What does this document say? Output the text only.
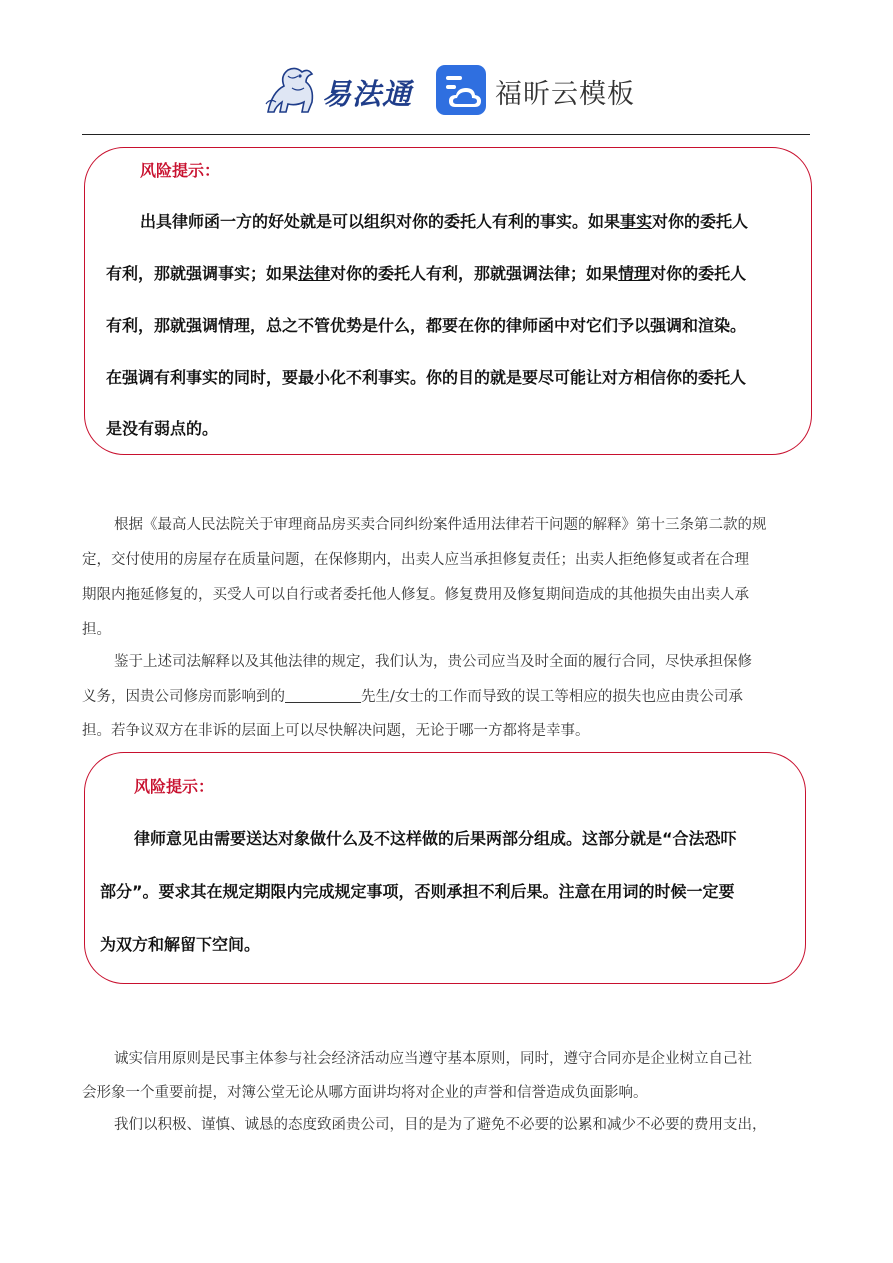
易法通	福昕云模板
风险提示：
出具律师函一方的好处就是可以组织对你的委托人有利的事实。如果事实对你的委托人
有利，那就强调事实；如果法律对你的委托人有利，那就强调法律；如果情理对你的委托人
有利，那就强调情理，总之不管优势是什么，都要在你的律师函中对它们予以强调和渲染。
在强调有利事实的同时，要最小化不利事实。你的目的就是要尽可能让对方相信你的委托人
是没有弱点的。
根据《最高人民法院关于审理商品房买卖合同纠纷案件适用法律若干问题的解释》第十三条第二款的规
定，交付使用的房屋存在质量问题，在保修期内，出卖人应当承担修复责任；出卖人拒绝修复或者在合理
期限内拖延修复的，买受人可以自行或者委托他人修复。修复费用及修复期间造成的其他损失由出卖人承
担。
鉴于上述司法解释以及其他法律的规定，我们认为，贵公司应当及时全面的履行合同，尽快承担保修
义务，因贵公司修房而影响到的	先生/女士的工作而导致的误工等相应的损失也应由贵公司承
担。若争议双方在非诉的层面上可以尽快解决问题，无论于哪一方都将是幸事。
风险提示：
律师意见由需要送达对象做什么及不这样做的后果两部分组成。这部分就是“合法恐吓
部分”。要求其在规定期限内完成规定事项，否则承担不利后果。注意在用词的时候一定要
为双方和解留下空间。
诚实信用原则是民事主体参与社会经济活动应当遵守基本原则，同时，遵守合同亦是企业树立自己社
会形象一个重要前提，对簿公堂无论从哪方面讲均将对企业的声誉和信誉造成负面影响。
我们以积极、谨慎、诚恳的态度致函贵公司，目的是为了避免不必要的讼累和减少不必要的费用支出，
